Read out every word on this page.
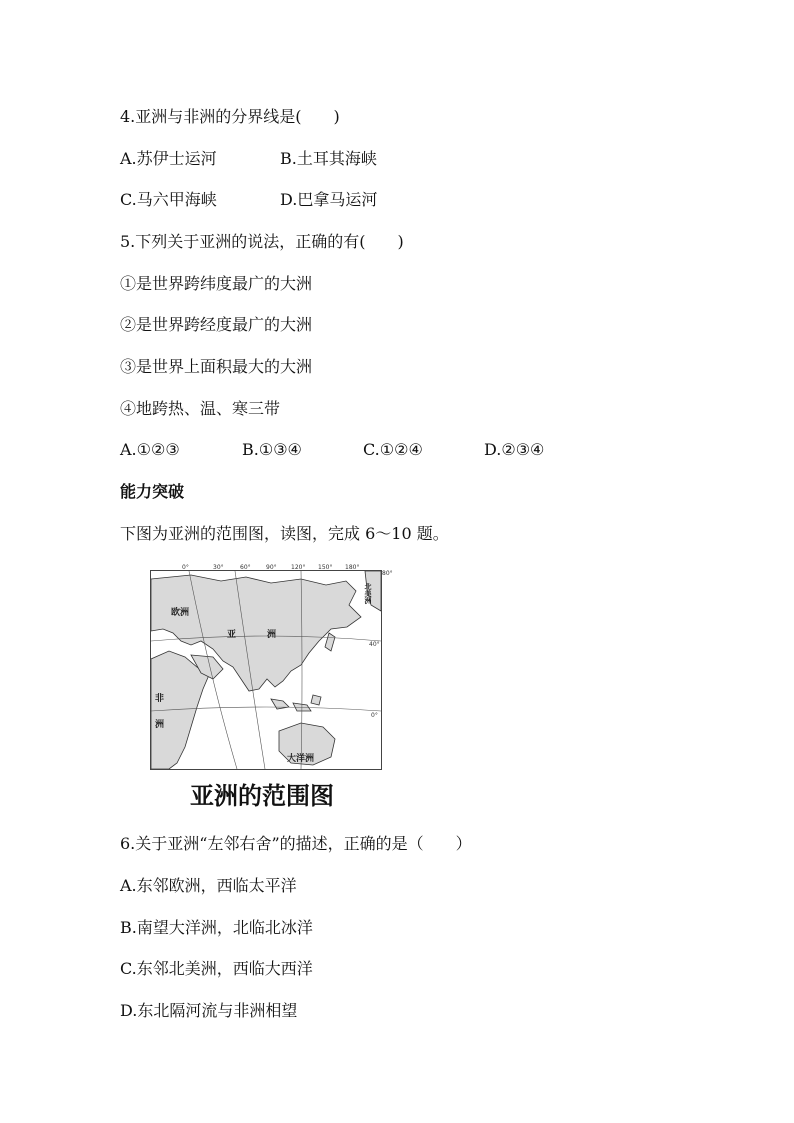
4.亚洲与非洲的分界线是(　　)
A.苏伊士运河	B.土耳其海峡
C.马六甲海峡	D.巴拿马运河
5.下列关于亚洲的说法，正确的有(　　)
①是世界跨纬度最广的大洲
②是世界跨经度最广的大洲
③是世界上面积最大的大洲
④地跨热、温、寒三带
A.①②③	B.①③④	C.①②④	D.②③④
能力突破
下图为亚洲的范围图，读图，完成 6～10 题。
欧洲
亚	洲
非
洲
大洋洲
北美洲
40°
0°
0°	30°	60°	90° 120° 150° 180°
80°
亚洲的范围图
6.关于亚洲“左邻右舍”的描述，正确的是（　　）
A.东邻欧洲，西临太平洋
B.南望大洋洲，北临北冰洋
C.东邻北美洲，西临大西洋
D.东北隔河流与非洲相望
